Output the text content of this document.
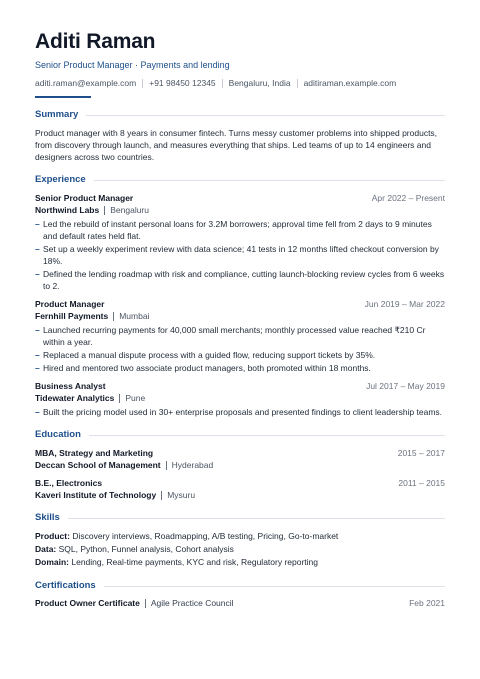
Aditi Raman
Senior Product Manager · Payments and lending
aditi.raman@example.com +91 98450 12345 Bengaluru, India aditiraman.example.com
Summary

Product manager with 8 years in consumer fintech. Turns messy customer problems into shipped products, from discovery through launch, and measures everything that ships. Led teams of up to 14 engineers and designers across two countries.

Experience
Senior Product Manager	Apr 2022 – Present
Northwind Labs Bengaluru
– Led the rebuild of instant personal loans for 3.2M borrowers; approval time fell from 2 days to 9 minutes and default rates held flat.
– Set up a weekly experiment review with data science; 41 tests in 12 months lifted checkout conversion by 18%.
– Defined the lending roadmap with risk and compliance, cutting launch-blocking review cycles from 6 weeks to 2.
Product Manager	Jun 2019 – Mar 2022
Fernhill Payments Mumbai
– Launched recurring payments for 40,000 small merchants; monthly processed value reached ₹210 Cr within a year.
– Replaced a manual dispute process with a guided flow, reducing support tickets by 35%.
– Hired and mentored two associate product managers, both promoted within 18 months.
Business Analyst	Jul 2017 – May 2019
Tidewater Analytics Pune
– Built the pricing model used in 30+ enterprise proposals and presented findings to client leadership teams.
Education
MBA, Strategy and Marketing	2015 – 2017
Deccan School of Management Hyderabad
B.E., Electronics	2011 – 2015
Kaveri Institute of Technology Mysuru
Skills
Product: Discovery interviews, Roadmapping, A/B testing, Pricing, Go-to-market
Data: SQL, Python, Funnel analysis, Cohort analysis
Domain: Lending, Real-time payments, KYC and risk, Regulatory reporting
Certifications
Product Owner Certificate Agile Practice Council	Feb 2021
